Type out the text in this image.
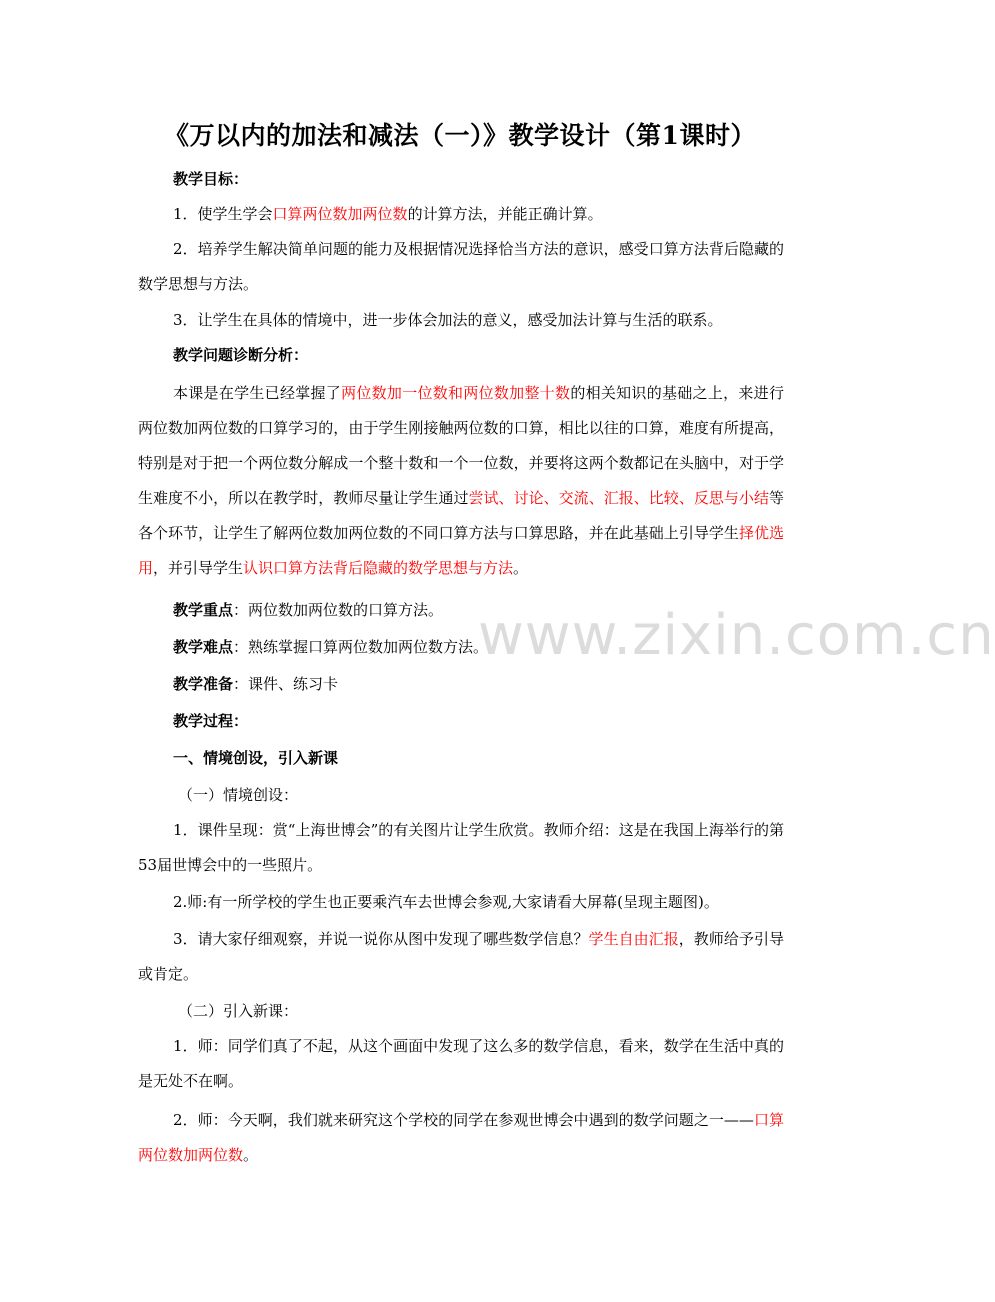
www.zixin.com.cn
《万以内的加法和减法（一）》教学设计（第1课时）
教学目标：
1．使学生学会口算两位数加两位数的计算方法，并能正确计算。
2．培养学生解决简单问题的能力及根据情况选择恰当方法的意识，感受口算方法背后隐藏的数学思想与方法。
3．让学生在具体的情境中，进一步体会加法的意义，感受加法计算与生活的联系。
教学问题诊断分析：
本课是在学生已经掌握了两位数加一位数和两位数加整十数的相关知识的基础之上，来进行两位数加两位数的口算学习的，由于学生刚接触两位数的口算，相比以往的口算，难度有所提高，特别是对于把一个两位数分解成一个整十数和一个一位数，并要将这两个数都记在头脑中，对于学生难度不小，所以在教学时，教师尽量让学生通过尝试、讨论、交流、汇报、比较、反思与小结等各个环节，让学生了解两位数加两位数的不同口算方法与口算思路，并在此基础上引导学生择优选用，并引导学生认识口算方法背后隐藏的数学思想与方法。
教学重点：两位数加两位数的口算方法。
教学难点：熟练掌握口算两位数加两位数方法。
教学准备：课件、练习卡
教学过程：
一、情境创设，引入新课
（一）情境创设：
1．课件呈现：赏“上海世博会”的有关图片让学生欣赏。教师介绍：这是在我国上海举行的第53届世博会中的一些照片。
2.师:有一所学校的学生也正要乘汽车去世博会参观,大家请看大屏幕(呈现主题图)。
3．请大家仔细观察，并说一说你从图中发现了哪些数学信息？学生自由汇报，教师给予引导或肯定。
（二）引入新课：
1．师：同学们真了不起，从这个画面中发现了这么多的数学信息，看来，数学在生活中真的是无处不在啊。
2．师：今天啊，我们就来研究这个学校的同学在参观世博会中遇到的数学问题之一——口算两位数加两位数。
